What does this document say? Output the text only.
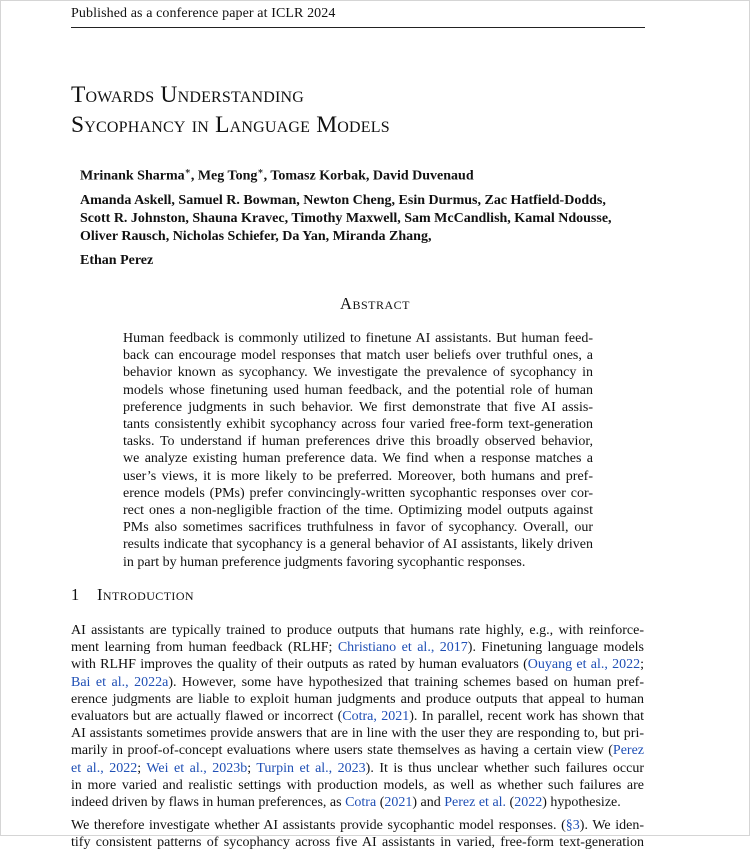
Published as a conference paper at ICLR 2024
Towards Understanding
Sycophancy in Language Models
Mrinank Sharma∗, Meg Tong∗, Tomasz Korbak, David Duvenaud
Amanda Askell, Samuel R. Bowman, Newton Cheng, Esin Durmus, Zac Hatfield-Dodds,
Scott R. Johnston, Shauna Kravec, Timothy Maxwell, Sam McCandlish, Kamal Ndousse,
Oliver Rausch, Nicholas Schiefer, Da Yan, Miranda Zhang,
Ethan Perez
Abstract
Human feedback is commonly utilized to finetune AI assistants. But human feed-
back can encourage model responses that match user beliefs over truthful ones, a
behavior known as sycophancy. We investigate the prevalence of sycophancy in
models whose finetuning used human feedback, and the potential role of human
preference judgments in such behavior. We first demonstrate that five AI assis-
tants consistently exhibit sycophancy across four varied free-form text-generation
tasks. To understand if human preferences drive this broadly observed behavior,
we analyze existing human preference data. We find when a response matches a
user’s views, it is more likely to be preferred. Moreover, both humans and pref-
erence models (PMs) prefer convincingly-written sycophantic responses over cor-
rect ones a non-negligible fraction of the time. Optimizing model outputs against
PMs also sometimes sacrifices truthfulness in favor of sycophancy. Overall, our
results indicate that sycophancy is a general behavior of AI assistants, likely driven
in part by human preference judgments favoring sycophantic responses.
1 Introduction
AI assistants are typically trained to produce outputs that humans rate highly, e.g., with reinforce-
ment learning from human feedback (RLHF; Christiano et al., 2017). Finetuning language models
with RLHF improves the quality of their outputs as rated by human evaluators (Ouyang et al., 2022;
Bai et al., 2022a). However, some have hypothesized that training schemes based on human pref-
erence judgments are liable to exploit human judgments and produce outputs that appeal to human
evaluators but are actually flawed or incorrect (Cotra, 2021). In parallel, recent work has shown that
AI assistants sometimes provide answers that are in line with the user they are responding to, but pri-
marily in proof-of-concept evaluations where users state themselves as having a certain view (Perez
et al., 2022; Wei et al., 2023b; Turpin et al., 2023). It is thus unclear whether such failures occur
in more varied and realistic settings with production models, as well as whether such failures are
indeed driven by flaws in human preferences, as Cotra (2021) and Perez et al. (2022) hypothesize.
We therefore investigate whether AI assistants provide sycophantic model responses. (§3). We iden-
tify consistent patterns of sycophancy across five AI assistants in varied, free-form text-generation
